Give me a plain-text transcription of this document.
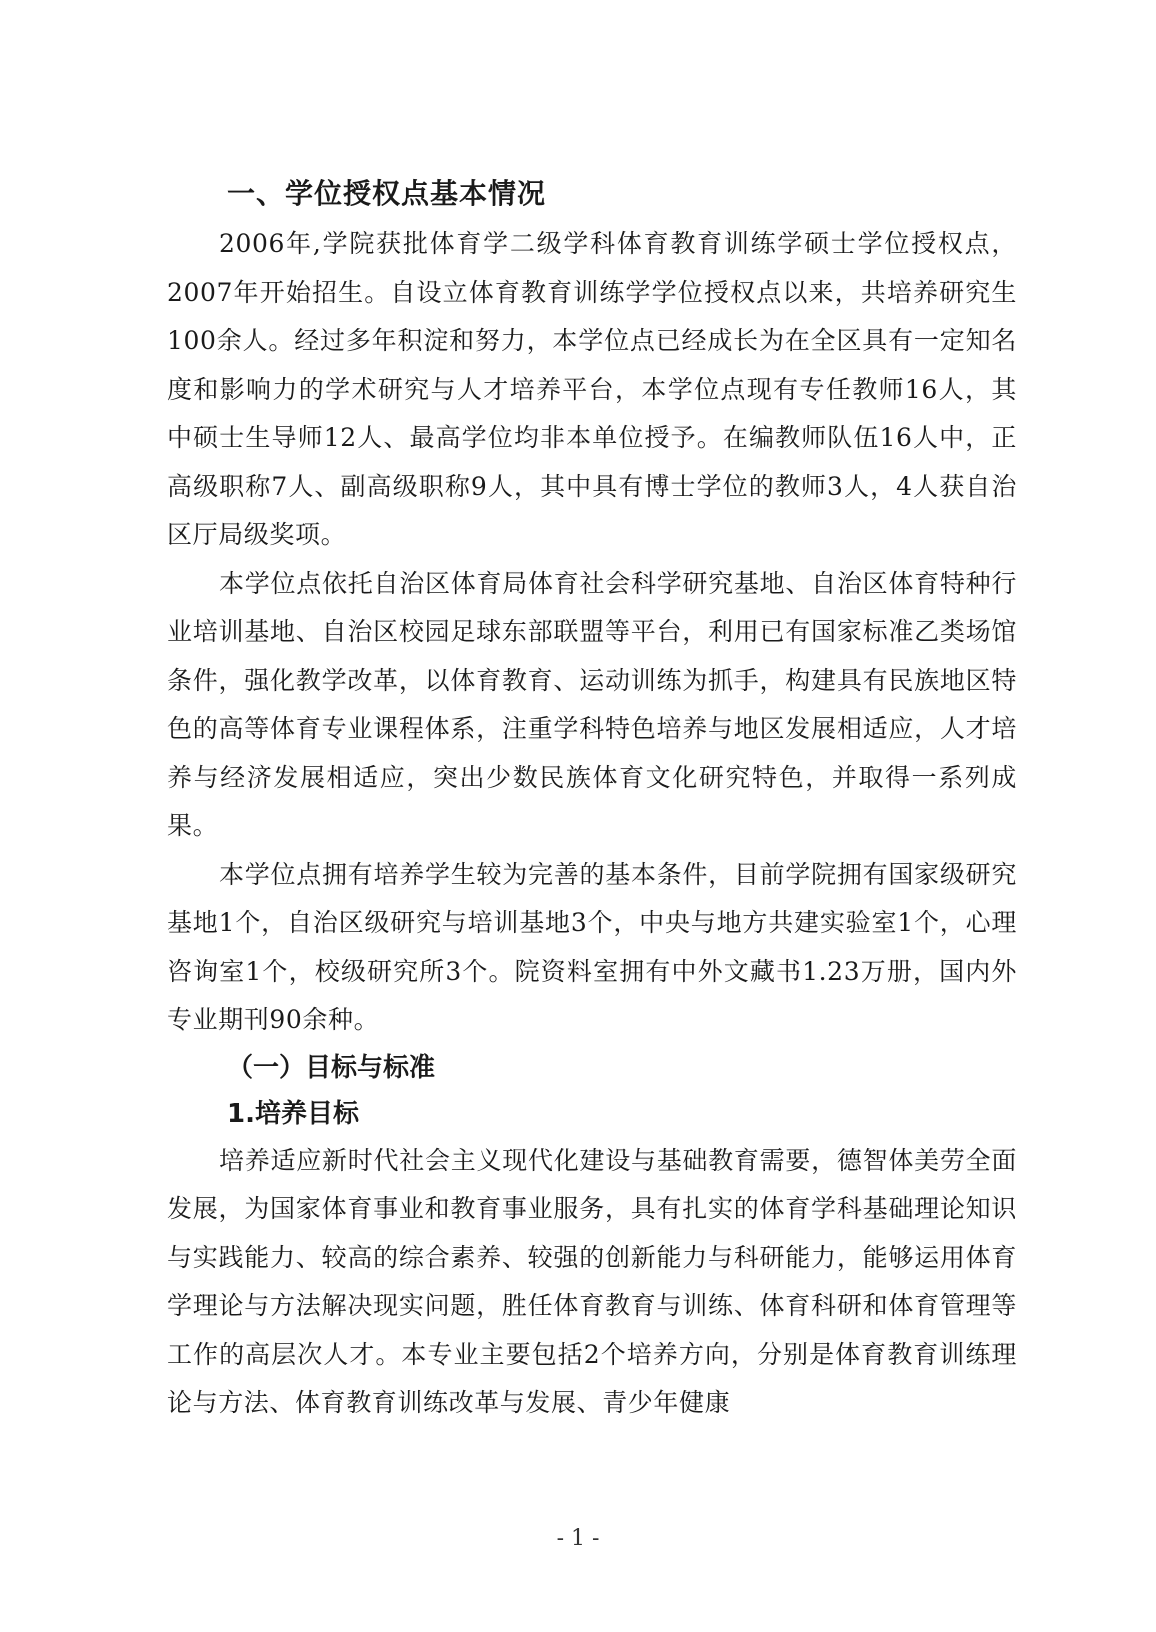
一、学位授权点基本情况

2006年,学院获批体育学二级学科体育教育训练学硕士学位授权点，2007年开始招生。自设立体育教育训练学学位授权点以来，共培养研究生100余人。经过多年积淀和努力，本学位点已经成长为在全区具有一定知名度和影响力的学术研究与人才培养平台，本学位点现有专任教师16人，其中硕士生导师12人、最高学位均非本单位授予。在编教师队伍16人中，正高级职称7人、副高级职称9人，其中具有博士学位的教师3人，4人获自治区厅局级奖项。

本学位点依托自治区体育局体育社会科学研究基地、自治区体育特种行业培训基地、自治区校园足球东部联盟等平台，利用已有国家标准乙类场馆条件，强化教学改革，以体育教育、运动训练为抓手，构建具有民族地区特色的高等体育专业课程体系，注重学科特色培养与地区发展相适应，人才培养与经济发展相适应，突出少数民族体育文化研究特色，并取得一系列成果。

本学位点拥有培养学生较为完善的基本条件，目前学院拥有国家级研究基地1个，自治区级研究与培训基地3个，中央与地方共建实验室1个，心理咨询室1个，校级研究所3个。院资料室拥有中外文藏书1.23万册，国内外专业期刊90余种。

（一）目标与标准
1.培养目标

培养适应新时代社会主义现代化建设与基础教育需要，德智体美劳全面发展，为国家体育事业和教育事业服务，具有扎实的体育学科基础理论知识与实践能力、较高的综合素养、较强的创新能力与科研能力，能够运用体育学理论与方法解决现实问题，胜任体育教育与训练、体育科研和体育管理等工作的高层次人才。本专业主要包括2个培养方向，分别是体育教育训练理论与方法、体育教育训练改革与发展、青少年健康

- 1 -
